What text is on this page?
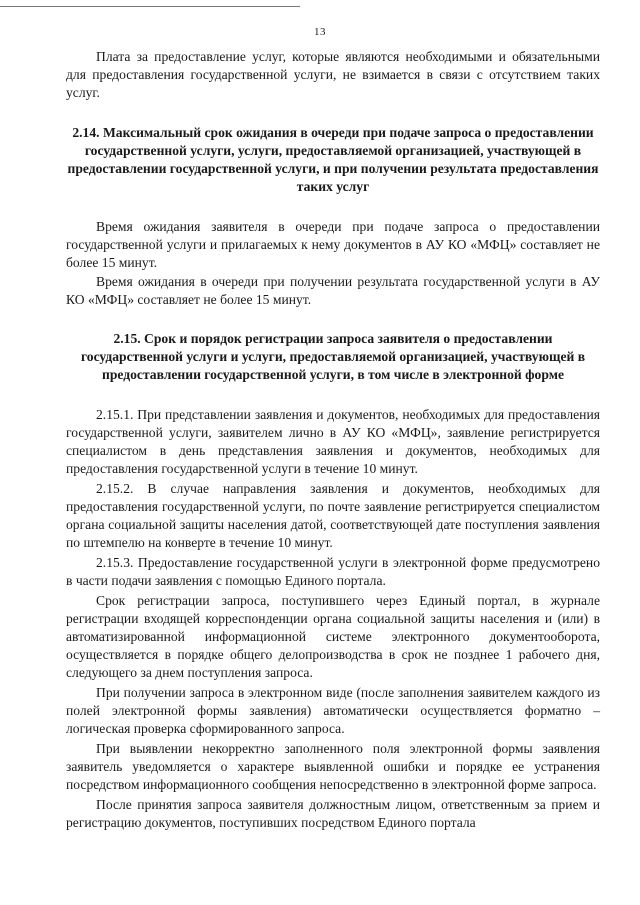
13

Плата за предоставление услуг, которые являются необходимыми и обязательными для предоставления государственной услуги, не взимается в связи с отсутствием таких услуг.

2.14. Максимальный срок ожидания в очереди при подаче запроса о предоставлении государственной услуги, услуги, предоставляемой организацией, участвующей в предоставлении государственной услуги, и при получении результата предоставления таких услуг

Время ожидания заявителя в очереди при подаче запроса о предоставлении государственной услуги и прилагаемых к нему документов в АУ КО «МФЦ» составляет не более 15 минут.

Время ожидания в очереди при получении результата государственной услуги в АУ КО «МФЦ» составляет не более 15 минут.

2.15. Срок и порядок регистрации запроса заявителя о предоставлении государственной услуги и услуги, предоставляемой организацией, участвующей в предоставлении государственной услуги, в том числе в электронной форме

2.15.1. При представлении заявления и документов, необходимых для предоставления государственной услуги, заявителем лично в АУ КО «МФЦ», заявление регистрируется специалистом в день представления заявления и документов, необходимых для предоставления государственной услуги в течение 10 минут.

2.15.2. В случае направления заявления и документов, необходимых для предоставления государственной услуги, по почте заявление регистрируется специалистом органа социальной защиты населения датой, соответствующей дате поступления заявления по штемпелю на конверте в течение 10 минут.

2.15.3. Предоставление государственной услуги в электронной форме предусмотрено в части подачи заявления с помощью Единого портала.

Срок регистрации запроса, поступившего через Единый портал, в журнале регистрации входящей корреспонденции органа социальной защиты населения и (или) в автоматизированной информационной системе электронного документооборота, осуществляется в порядке общего делопроизводства в срок не позднее 1 рабочего дня, следующего за днем поступления запроса.

При получении запроса в электронном виде (после заполнения заявителем каждого из полей электронной формы заявления) автоматически осуществляется форматно – логическая проверка сформированного запроса.

При выявлении некорректно заполненного поля электронной формы заявления заявитель уведомляется о характере выявленной ошибки и порядке ее устранения посредством информационного сообщения непосредственно в электронной форме запроса.

После принятия запроса заявителя должностным лицом, ответственным за прием и регистрацию документов, поступивших посредством Единого портала
